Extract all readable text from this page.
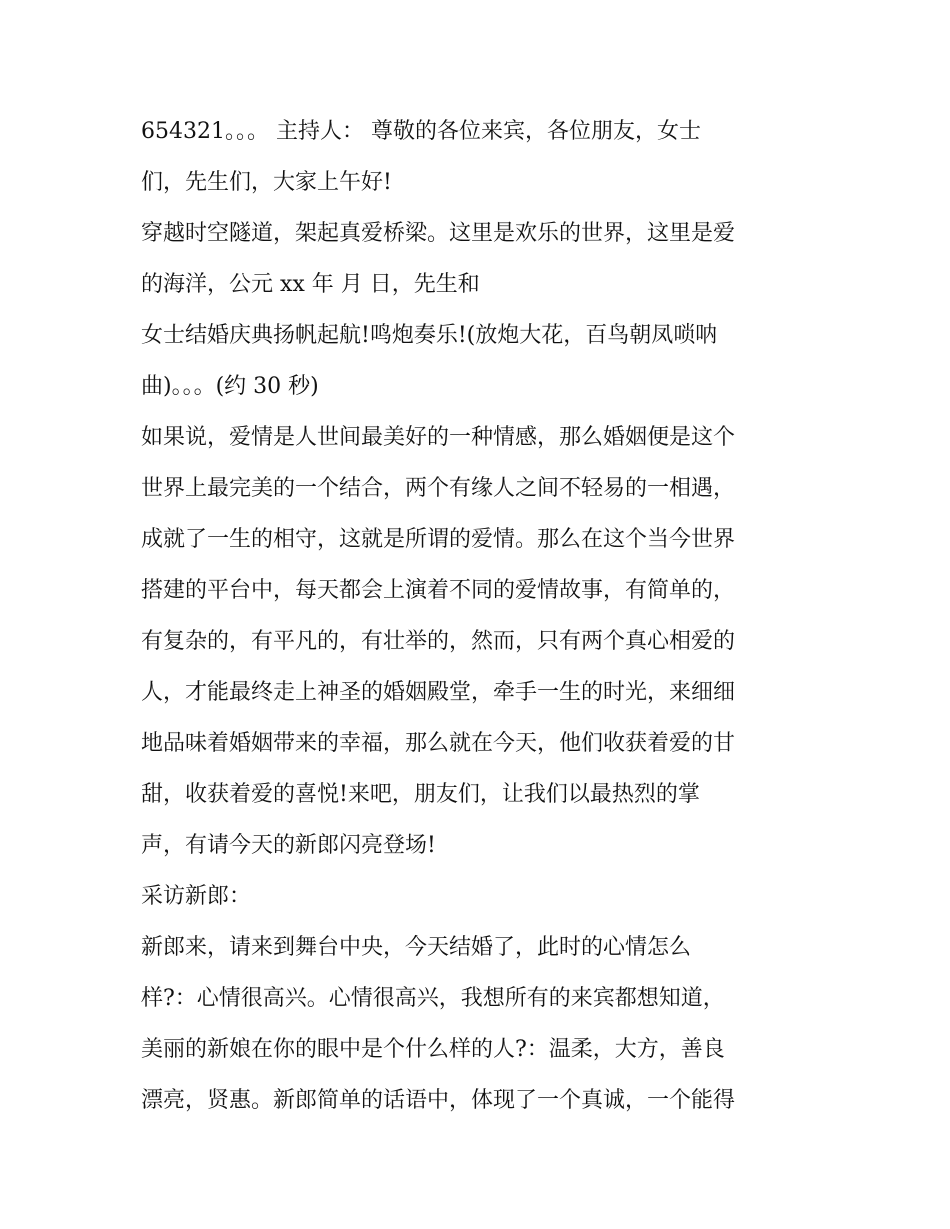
654321。。。 主持人： 尊敬的各位来宾，各位朋友，女士
们，先生们，大家上午好!
穿越时空隧道，架起真爱桥梁。这里是欢乐的世界，这里是爱
的海洋，公元 xx 年 月 日，先生和
女士结婚庆典扬帆起航!鸣炮奏乐!(放炮大花，百鸟朝凤唢呐
曲)。。。(约 30 秒)
如果说，爱情是人世间最美好的一种情感，那么婚姻便是这个
世界上最完美的一个结合，两个有缘人之间不轻易的一相遇，
成就了一生的相守，这就是所谓的爱情。那么在这个当今世界
搭建的平台中，每天都会上演着不同的爱情故事，有简单的，
有复杂的，有平凡的，有壮举的，然而，只有两个真心相爱的
人，才能最终走上神圣的婚姻殿堂，牵手一生的时光，来细细
地品味着婚姻带来的幸福，那么就在今天，他们收获着爱的甘
甜，收获着爱的喜悦!来吧，朋友们，让我们以最热烈的掌
声，有请今天的新郎闪亮登场!
采访新郎：
新郎来，请来到舞台中央，今天结婚了，此时的心情怎么
样?：心情很高兴。心情很高兴，我想所有的来宾都想知道，
美丽的新娘在你的眼中是个什么样的人?：温柔，大方，善良
漂亮，贤惠。新郎简单的话语中，体现了一个真诚，一个能得
